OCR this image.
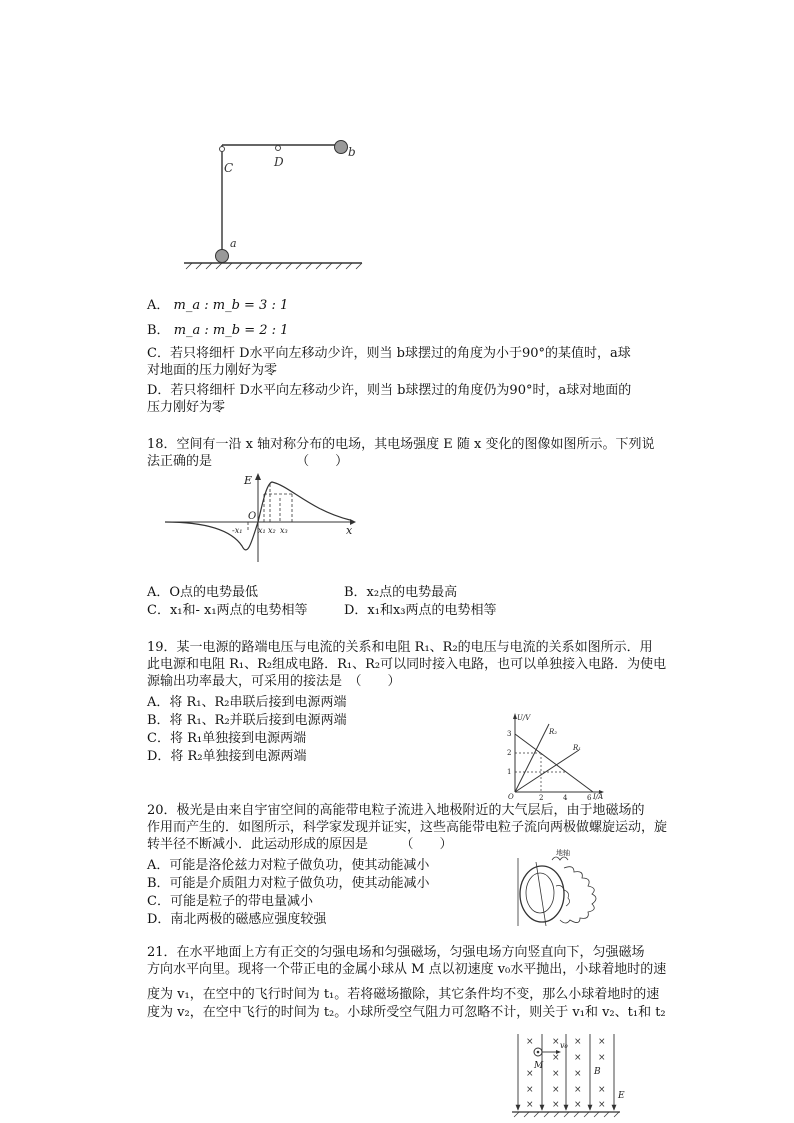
C	D
b
a
A． m_a : m_b = 3 : 1
B． m_a : m_b = 2 : 1
C．若只将细杆 D水平向左移动少许，则当 b球摆过的角度为小于90°的某值时，a球
对地面的压力刚好为零
D．若只将细杆 D水平向左移动少许，则当 b球摆过的角度仍为90°时，a球对地面的
压力刚好为零
18．空间有一沿 x 轴对称分布的电场，其电场强度 E 随 x 变化的图像如图所示。下列说
法正确的是	（　　）
E
O
-x₁ x₁ x₂ x₃	x
A．O点的电势最低	B．x₂点的电势最高
C．x₁和- x₁两点的电势相等	D．x₁和x₃两点的电势相等
19．某一电源的路端电压与电流的关系和电阻 R₁、R₂的电压与电流的关系如图所示．用
此电源和电阻 R₁、R₂组成电路．R₁、R₂可以同时接入电路，也可以单独接入电路．为使电
源输出功率最大，可采用的接法是　（　　）
A．将 R₁、R₂串联后接到电源两端
B．将 R₁、R₂并联后接到电源两端
C．将 R₁单独接到电源两端
D．将 R₂单独接到电源两端
U/V
3
2
1
O	2	4	6 I/A
R₂
R₁
20．极光是由来自宇宙空间的高能带电粒子流进入地极附近的大气层后，由于地磁场的
作用而产生的．如图所示，科学家发现并证实，这些高能带电粒子流向两极做螺旋运动，旋
转半径不断减小．此运动形成的原因是　　　（　　）
A．可能是洛伦兹力对粒子做负功，使其动能减小
B．可能是介质阻力对粒子做负功，使其动能减小
C．可能是粒子的带电量减小
D．南北两极的磁感应强度较强
地轴
21．在水平地面上方有正交的匀强电场和匀强磁场，匀强电场方向竖直向下，匀强磁场
方向水平向里。现将一个带正电的金属小球从 M 点以初速度 v₀水平抛出，小球着地时的速
度为 v₁，在空中的飞行时间为 t₁。若将磁场撤除，其它条件均不变，那么小球着地时的速
度为 v₂，在空中飞行的时间为 t₂。小球所受空气阻力可忽略不计，则关于 v₁和 v₂、t₁和 t₂
× × × ×
× × ×
× × ×
× × × ×
× × × ×
M
v₀
B
E
